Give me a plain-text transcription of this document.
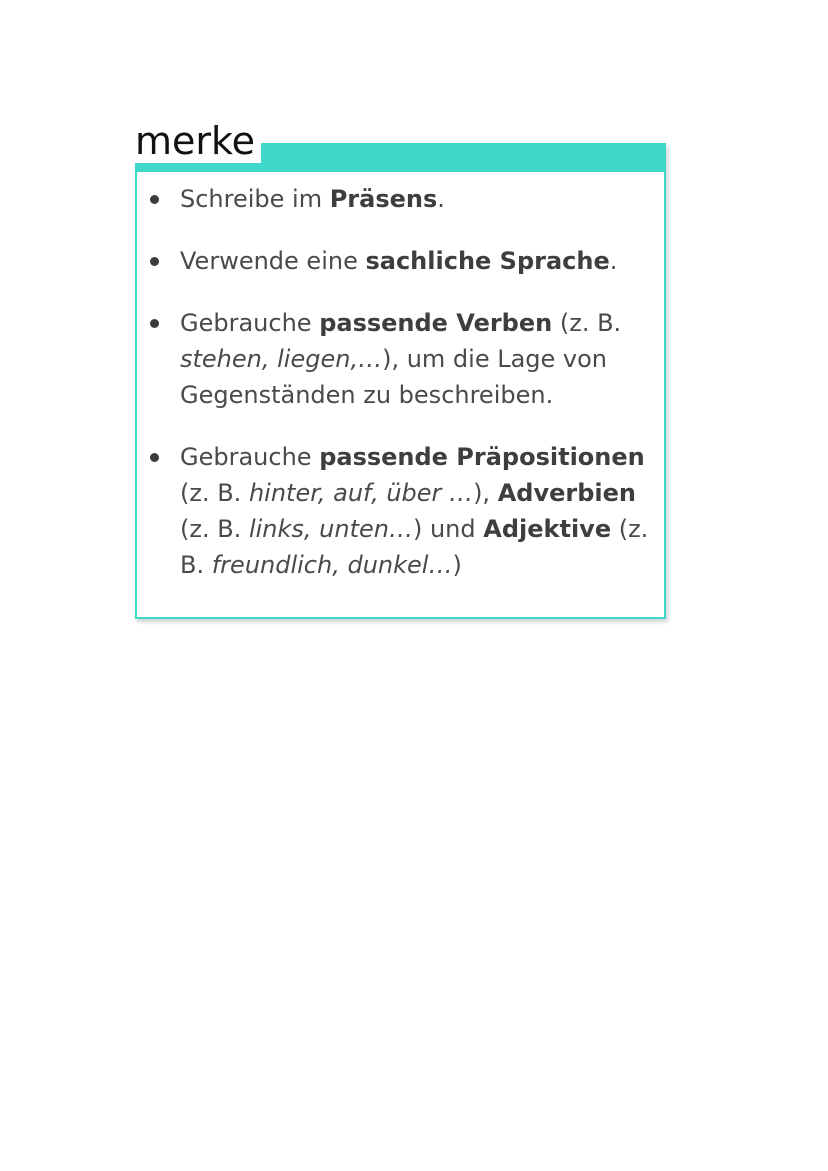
merke
Schreibe im Präsens.
Verwende eine sachliche Sprache.
Gebrauche passende Verben (z. B. stehen, liegen,…), um die Lage von Gegenständen zu beschreiben.
Gebrauche passende Präpositionen (z. B. hinter, auf, über …), Adverbien (z. B. links, unten…) und Adjektive (z. B. freundlich, dunkel…)
